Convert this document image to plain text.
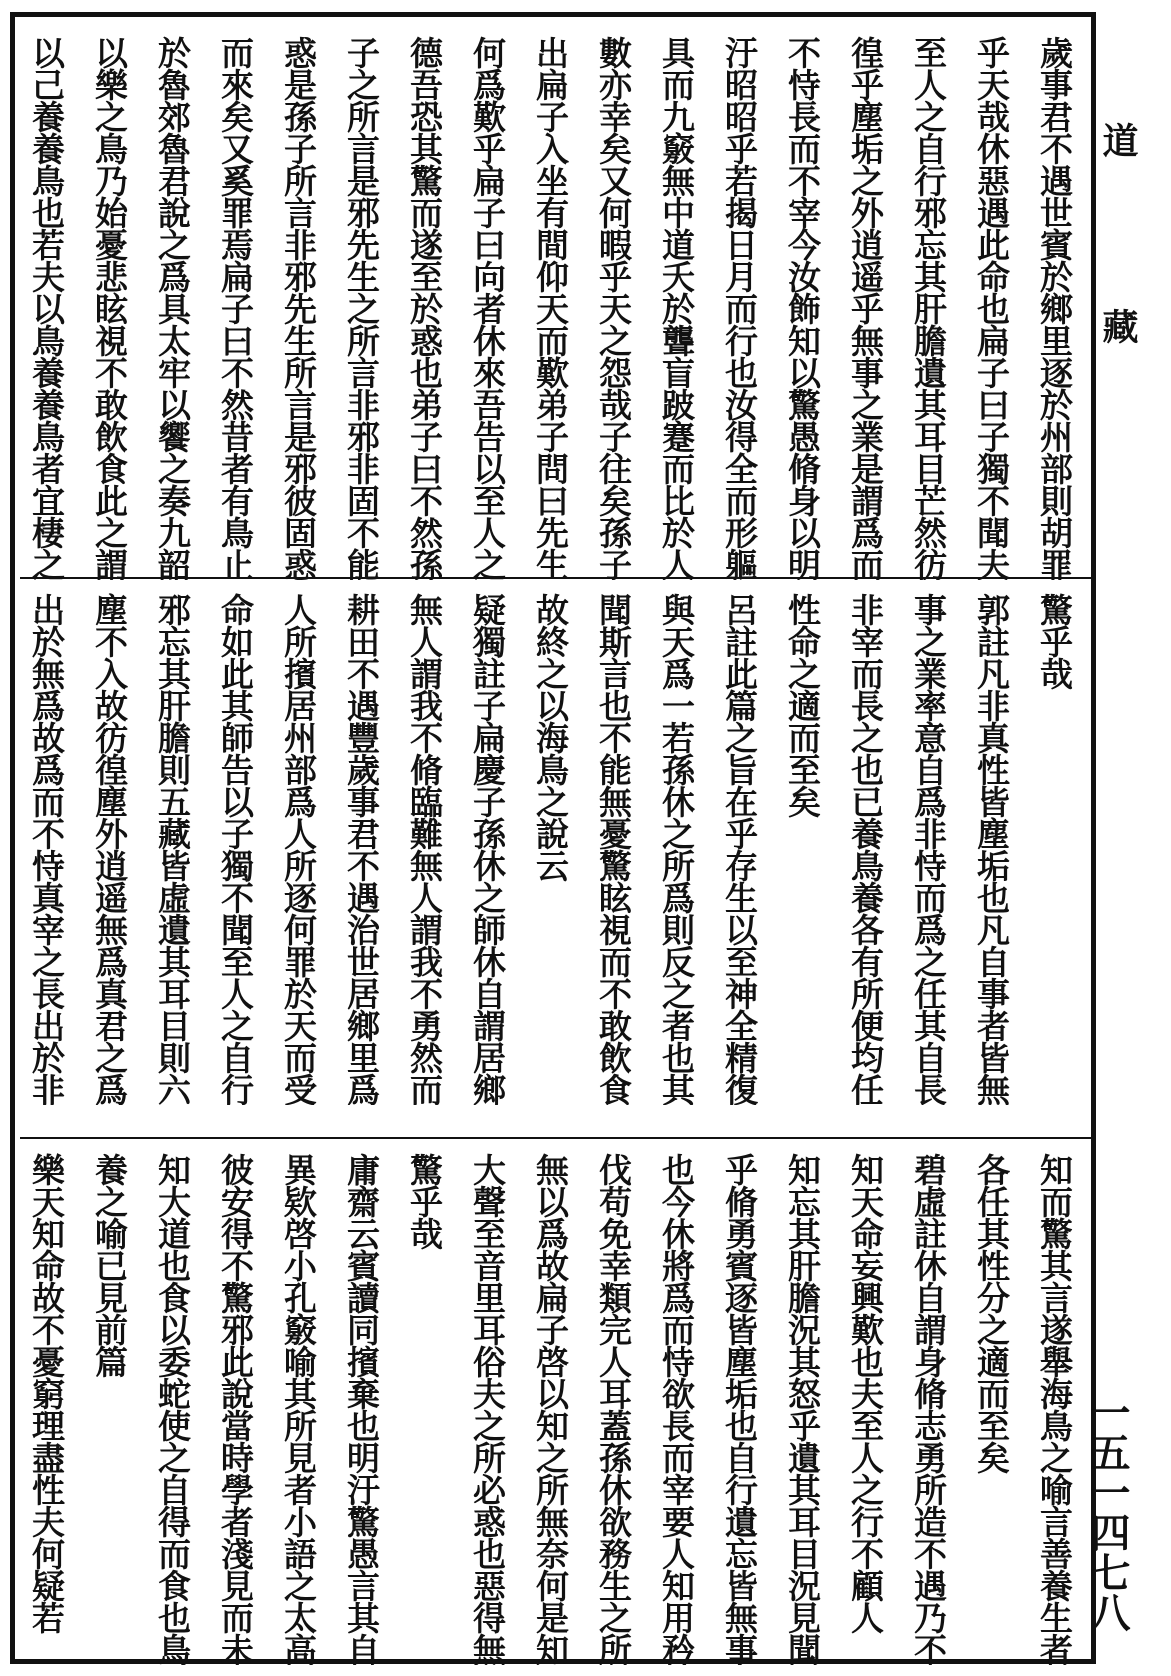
歲事君不遇世賓於鄉里逐於州部則胡罪
乎天哉休惡遇此命也扁子曰子獨不聞夫
至人之自行邪忘其肝膽遺其耳目芒然彷
徨乎塵垢之外逍遥乎無事之業是謂爲而
不恃長而不宰今汝飾知以驚愚脩身以明
汙昭昭乎若揭日月而行也汝得全而形軀
具而九竅無中道夭於聾盲跛蹇而比於人
數亦幸矣又何暇乎天之怨哉子往矣孫子
出扁子入坐有間仰天而歎弟子問曰先生
何爲歎乎扁子曰向者休來吾告以至人之
德吾恐其驚而遂至於惑也弟子曰不然孫
子之所言是邪先生之所言非邪非固不能
惑是孫子所言非邪先生所言是邪彼固惑
而來矣又奚罪焉扁子曰不然昔者有鳥止
於魯郊魯君說之爲具太牢以饗之奏九韶
以樂之鳥乃始憂悲眩視不敢飲食此之謂
以己養養鳥也若夫以鳥養養鳥者宜棲之
驚乎哉
郭註凡非真性皆塵垢也凡自事者皆無
事之業率意自爲非恃而爲之任其自長
非宰而長之也已養鳥養各有所便均任
性命之適而至矣
呂註此篇之旨在乎存生以至神全精復
與天爲一若孫休之所爲則反之者也其
聞斯言也不能無憂驚眩視而不敢飲食
故終之以海鳥之說云
疑獨註子扁慶子孫休之師休自謂居鄉
無人謂我不脩臨難無人謂我不勇然而
耕田不遇豐歲事君不遇治世居鄉里爲
人所擯居州部爲人所逐何罪於天而受
命如此其師告以子獨不聞至人之自行
邪忘其肝膽則五藏皆虛遺其耳目則六
塵不入故彷徨塵外逍遥無爲真君之爲
出於無爲故爲而不恃真宰之長出於非
知而驚其言遂舉海鳥之喻言善養生者
各任其性分之適而至矣
碧虛註休自謂身脩志勇所造不遇乃不
知天命妄興歎也夫至人之行不顧人
知忘其肝膽況其怒乎遺其耳目況見聞
乎脩勇賓逐皆塵垢也自行遺忘皆無事
也今休將爲而恃欲長而宰要人知用矜
伐苟免幸類完人耳蓋孫休欲務生之所
無以爲故扁子啓以知之所無奈何是知
大聲至音里耳俗夫之所必惑也惡得無
驚乎哉
庸齋云賓讀同擯棄也明汙驚愚言其自
異欵啓小孔竅喻其所見者小語之太高
彼安得不驚邪此說當時學者淺見而未
知大道也食以委蛇使之自得而食也鳥
養之喻已見前篇
樂天知命故不憂窮理盡性夫何疑若
道藏
一五一四七八
